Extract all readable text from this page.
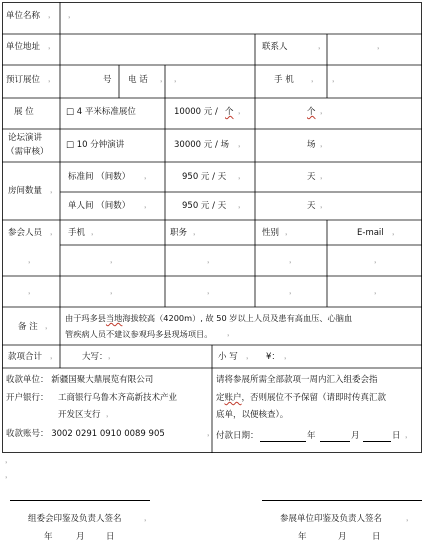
单位名称 ， ，
单位地址 ，	联系人	，	，
预订展位 ，	号 电 话 ， ，	手 机 ， ，
展 位	□ 4 平米标准展位	10000 元 / 个 ，	个 ，
论坛演讲
（需审核）
□ 10 分钟演讲	30000 元 / 场 ，	场 ，
房间数量 ，
标准间 （间数） ，	950 元 / 天 ，	天 ，
单人间 （间数） ，	950 元 / 天 ，	天 ，
参会人员 ， 手机 ，	职务 ，	性别 ，	E-mail ，
，	，	，	，	，
，	，	，	，	，
备 注 ，
由于玛多县当地海拔较高（4200m）, 故 50 岁以上人员及患有高血压、心脑血
管疾病人员不建议参观玛多县现场项目。 ，
款项合计 ，	大写： ，	小 写 ， ¥： ，
收款单位： 新疆国聚大鼎展览有限公司
开户银行： 工商银行乌鲁木齐高新技术产业
开发区支行 ，
收款账号： 3002 0291 0910 0089 905	，
请将参展所需全部款项一周内汇入组委会指
定账户，否则展位不予保留（请即时传真汇款
底单，以便核查）。
付款日期：	年	月	日 ，
，
，
组委会印鉴及负责人签名	，	参展单位印鉴及负责人签名	，
年	月	日	年	月	日
